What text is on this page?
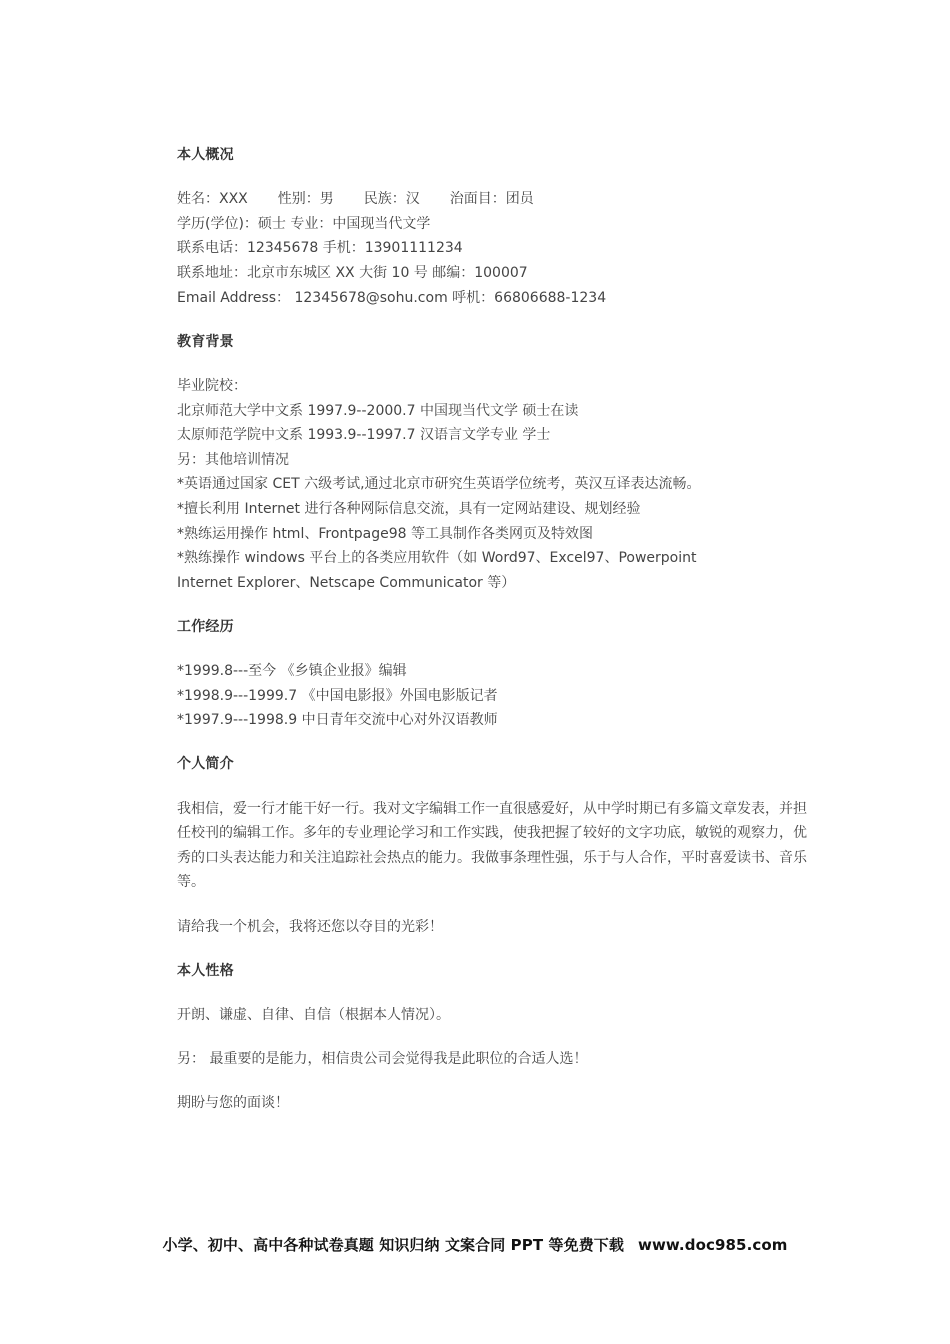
本人概况
姓名：XXX 性别：男 民族：汉 治面目：团员
学历(学位)：硕士 专业：中国现当代文学
联系电话：12345678 手机：13901111234
联系地址：北京市东城区 XX 大街 10 号 邮编：100007
Email Address： 12345678@sohu.com 呼机：66806688-1234
教育背景
毕业院校：
北京师范大学中文系 1997.9--2000.7 中国现当代文学 硕士在读
太原师范学院中文系 1993.9--1997.7 汉语言文学专业 学士
另：其他培训情况
*英语通过国家 CET 六级考试,通过北京市研究生英语学位统考，英汉互译表达流畅。
*擅长利用 Internet 进行各种网际信息交流，具有一定网站建设、规划经验
*熟练运用操作 html、Frontpage98 等工具制作各类网页及特效图
*熟练操作 windows 平台上的各类应用软件（如 Word97、Excel97、Powerpoint
Internet Explorer、Netscape Communicator 等）
工作经历
*1999.8---至今 《乡镇企业报》编辑
*1998.9---1999.7 《中国电影报》外国电影版记者
*1997.9---1998.9 中日青年交流中心对外汉语教师
个人简介

我相信，爱一行才能干好一行。我对文字编辑工作一直很感爱好，从中学时期已有多篇文章发表，并担任校刊的编辑工作。多年的专业理论学习和工作实践，使我把握了较好的文字功底，敏锐的观察力，优秀的口头表达能力和关注追踪社会热点的能力。我做事条理性强，乐于与人合作，平时喜爱读书、音乐等。

请给我一个机会，我将还您以夺目的光彩！

本人性格

开朗、谦虚、自律、自信（根据本人情况）。

另： 最重要的是能力，相信贵公司会觉得我是此职位的合适人选！

期盼与您的面谈！

小学、初中、高中各种试卷真题 知识归纳 文案合同 PPT 等免费下载 www.doc985.com
